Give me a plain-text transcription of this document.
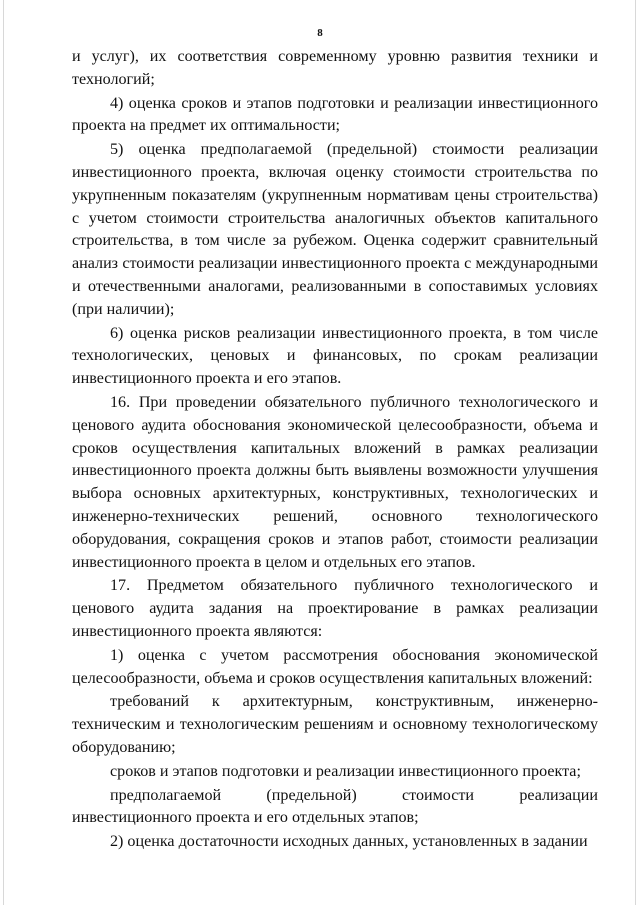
8

и услуг), их соответствия современному уровню развития техники и технологий;

4) оценка сроков и этапов подготовки и реализации инвестиционного проекта на предмет их оптимальности;

5) оценка предполагаемой (предельной) стоимости реализации инвестиционного проекта, включая оценку стоимости строительства по укрупненным показателям (укрупненным нормативам цены строительства) с учетом стоимости строительства аналогичных объектов капитального строительства, в том числе за рубежом. Оценка содержит сравнительный анализ стоимости реализации инвестиционного проекта с международными и отечественными аналогами, реализованными в сопоставимых условиях (при наличии);

6) оценка рисков реализации инвестиционного проекта, в том числе технологических, ценовых и финансовых, по срокам реализации инвестиционного проекта и его этапов.

16. При проведении обязательного публичного технологического и ценового аудита обоснования экономической целесообразности, объема и сроков осуществления капитальных вложений в рамках реализации инвестиционного проекта должны быть выявлены возможности улучшения выбора основных архитектурных, конструктивных, технологических и инженерно-технических решений, основного технологического оборудования, сокращения сроков и этапов работ, стоимости реализации инвестиционного проекта в целом и отдельных его этапов.

17. Предметом обязательного публичного технологического и ценового аудита задания на проектирование в рамках реализации инвестиционного проекта являются:

1) оценка с учетом рассмотрения обоснования экономической целесообразности, объема и сроков осуществления капитальных вложений:

требований к архитектурным, конструктивным, инженерно-техническим и технологическим решениям и основному технологическому оборудованию;

сроков и этапов подготовки и реализации инвестиционного проекта;

предполагаемой (предельной) стоимости реализации инвестиционного проекта и его отдельных этапов;

2) оценка достаточности исходных данных, установленных в задании
